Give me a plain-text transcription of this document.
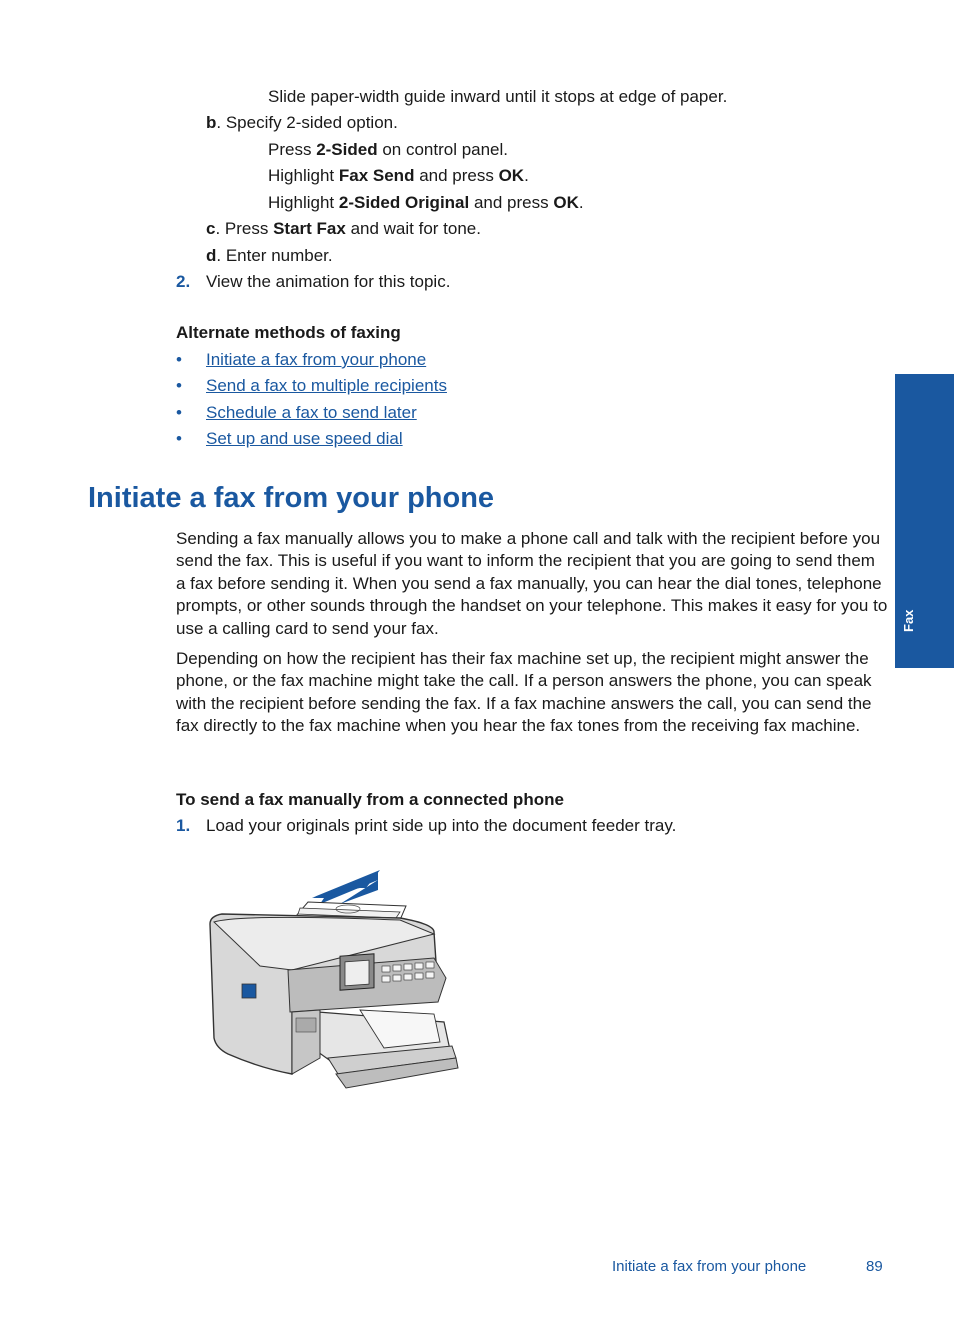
Slide paper-width guide inward until it stops at edge of paper.
b. Specify 2-sided option.
Press 2-Sided on control panel.
Highlight Fax Send and press OK.
Highlight 2-Sided Original and press OK.
c. Press Start Fax and wait for tone.
d. Enter number.
2. View the animation for this topic.
Alternate methods of faxing
• Initiate a fax from your phone
• Send a fax to multiple recipients
• Schedule a fax to send later
• Set up and use speed dial
Initiate a fax from your phone

Sending a fax manually allows you to make a phone call and talk with the recipient before you send the fax. This is useful if you want to inform the recipient that you are going to send them a fax before sending it. When you send a fax manually, you can hear the dial tones, telephone prompts, or other sounds through the handset on your telephone. This makes it easy for you to use a calling card to send your fax.

Depending on how the recipient has their fax machine set up, the recipient might answer the phone, or the fax machine might take the call. If a person answers the phone, you can speak with the recipient before sending the fax. If a fax machine answers the call, you can send the fax directly to the fax machine when you hear the fax tones from the receiving fax machine.

To send a fax manually from a connected phone
1. Load your originals print side up into the document feeder tray.
Fax
Initiate a fax from your phone	89
